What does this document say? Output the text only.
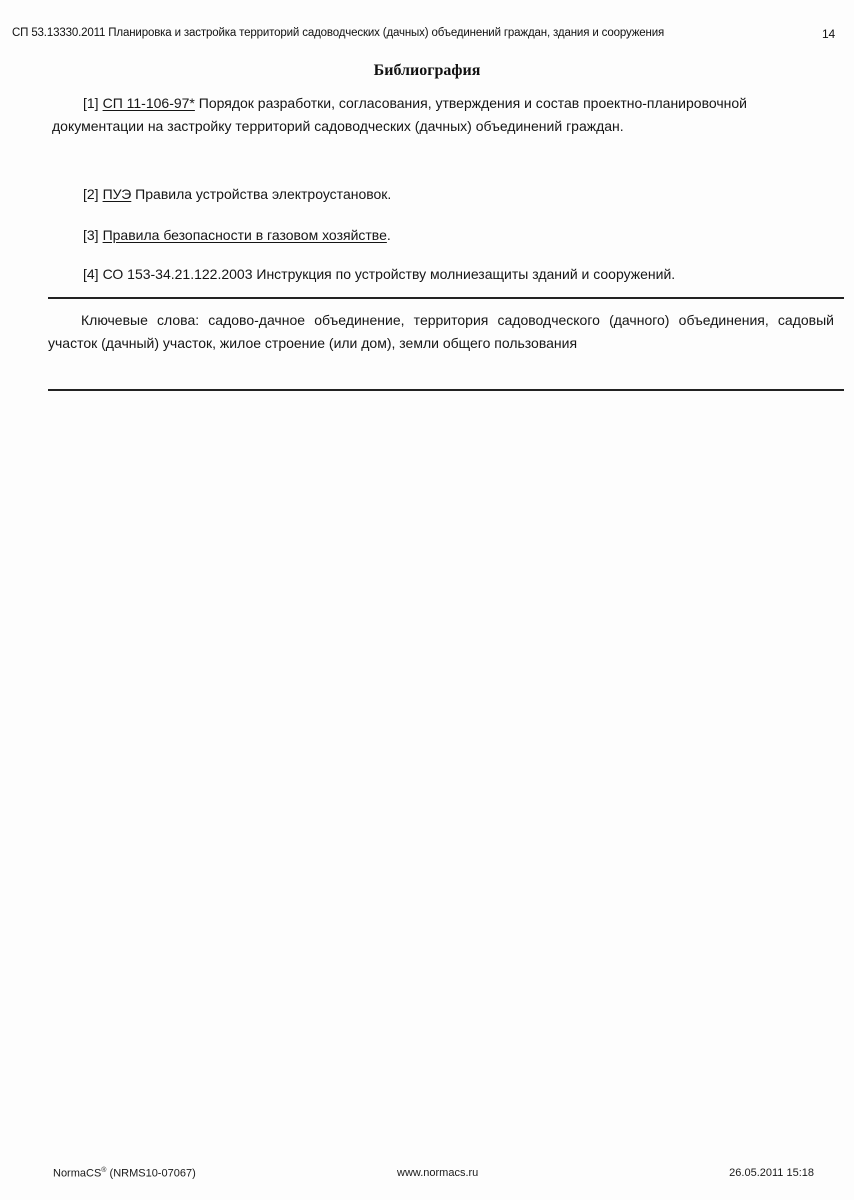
СП 53.13330.2011 Планировка и застройка территорий садоводческих (дачных) объединений граждан, здания и сооружения	14
Библиография
[1] СП 11-106-97* Порядок разработки, согласования, утверждения и состав проектно-планировочной документации на застройку территорий садоводческих (дачных) объединений граждан.
[2] ПУЭ Правила устройства электроустановок.
[3] Правила безопасности в газовом хозяйстве.
[4] СО 153-34.21.122.2003 Инструкция по устройству молниезащиты зданий и сооружений.
Ключевые слова: садово-дачное объединение, территория садоводческого (дачного) объединения, садовый участок (дачный) участок, жилое строение (или дом), земли общего пользования
NormaCS® (NRMS10-07067)	www.normacs.ru	26.05.2011 15:18
